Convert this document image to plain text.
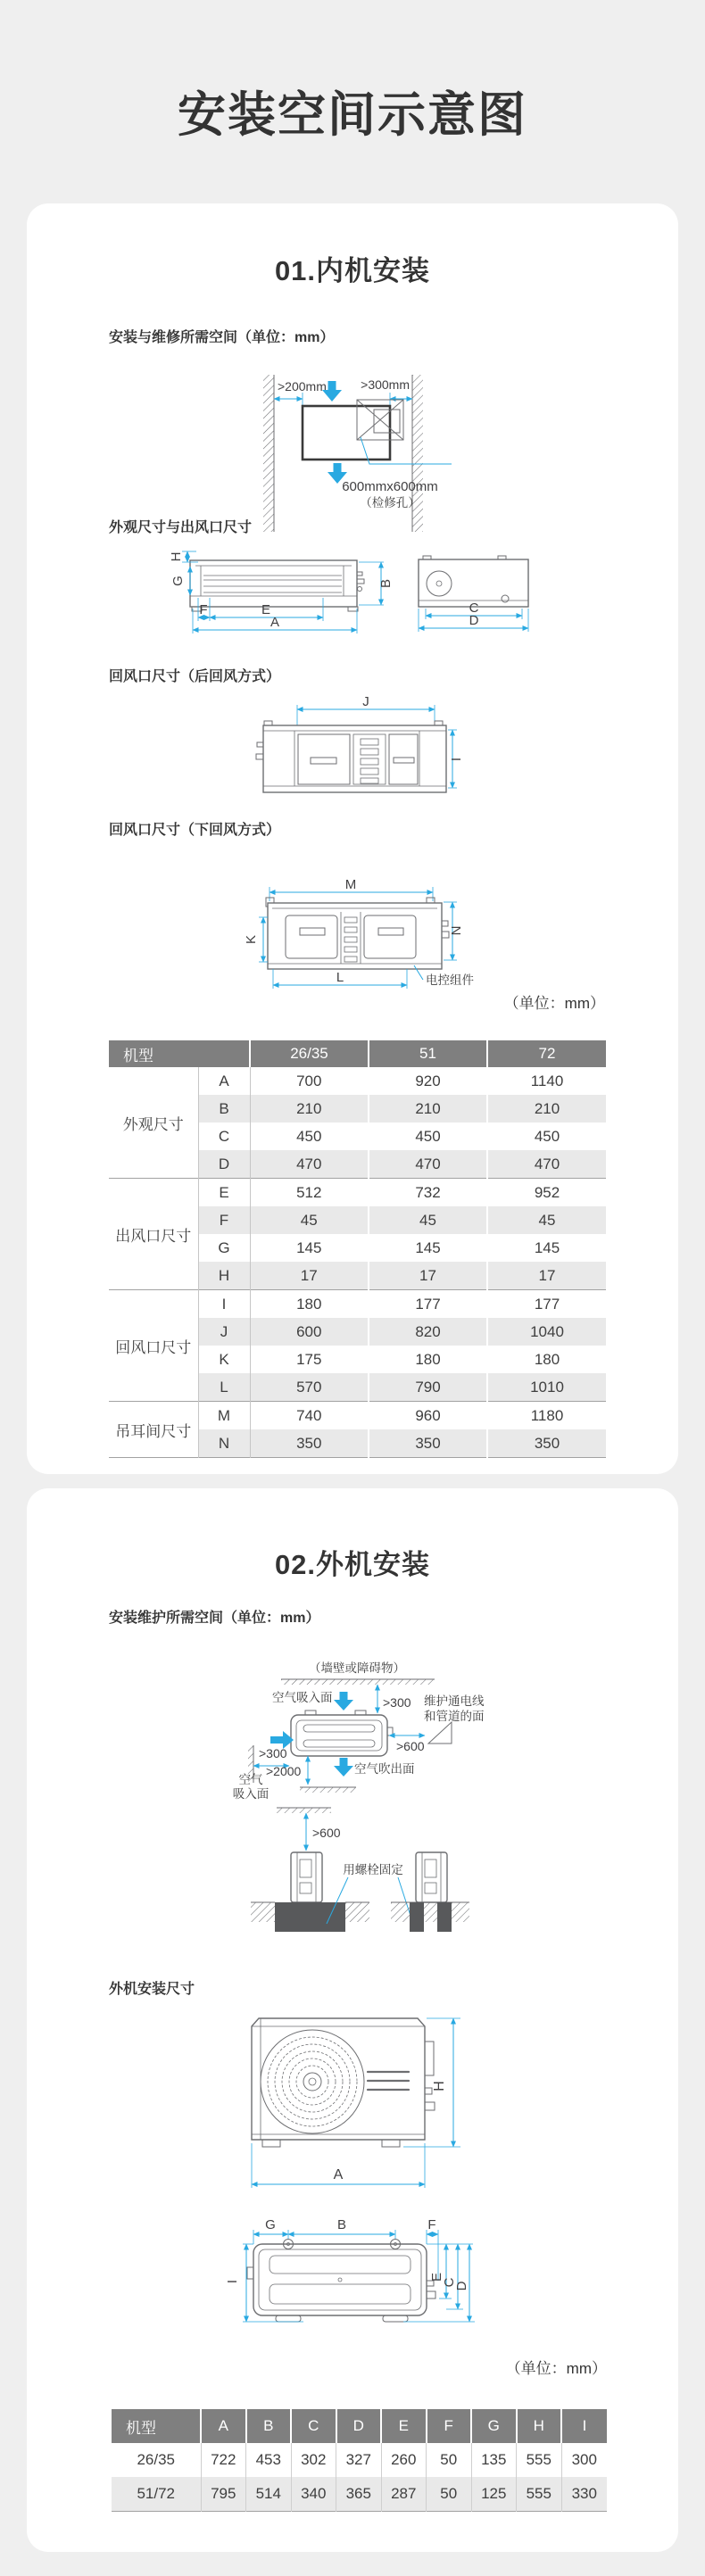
安装空间示意图
01.内机安装
安装与维修所需空间（单位：mm）
>200mm	>300mm
600mmx600mm
（检修孔）
外观尺寸与出风口尺寸
H
G	B
F	E
A
C
D
回风口尺寸（后回风方式）
J
I
回风口尺寸（下回风方式）
M
K
L
N
电控组件
（单位：mm）
机型		26/35	51	72
外观尺寸	A	700	920	1140
	B	210	210	210
	C	450	450	450
	D	470	470	470
出风口尺寸	E	512	732	952
	F	45	45	45
	G	145	145	145
	H	17	17	17
回风口尺寸	I	180	177	177
	J	600	820	1040
	K	175	180	180
	L	570	790	1010
吊耳间尺寸	M	740	960	1180
	N	350	350	350
02.外机安装
安装维护所需空间（单位：mm）
（墙壁或障碍物）
>300
空气吸入面
>300
空气
吸入面
>600
维护通电线
和管道的面
空气吹出面
>2000
>600
用螺栓固定
外机安装尺寸
H
A
G	B	F
I	E
C
D
（单位：mm）
机型	A	B	C	D	E	F	G	H	I
26/35	722	453	302	327	260	50	135	555	300
51/72	795	514	340	365	287	50	125	555	330
